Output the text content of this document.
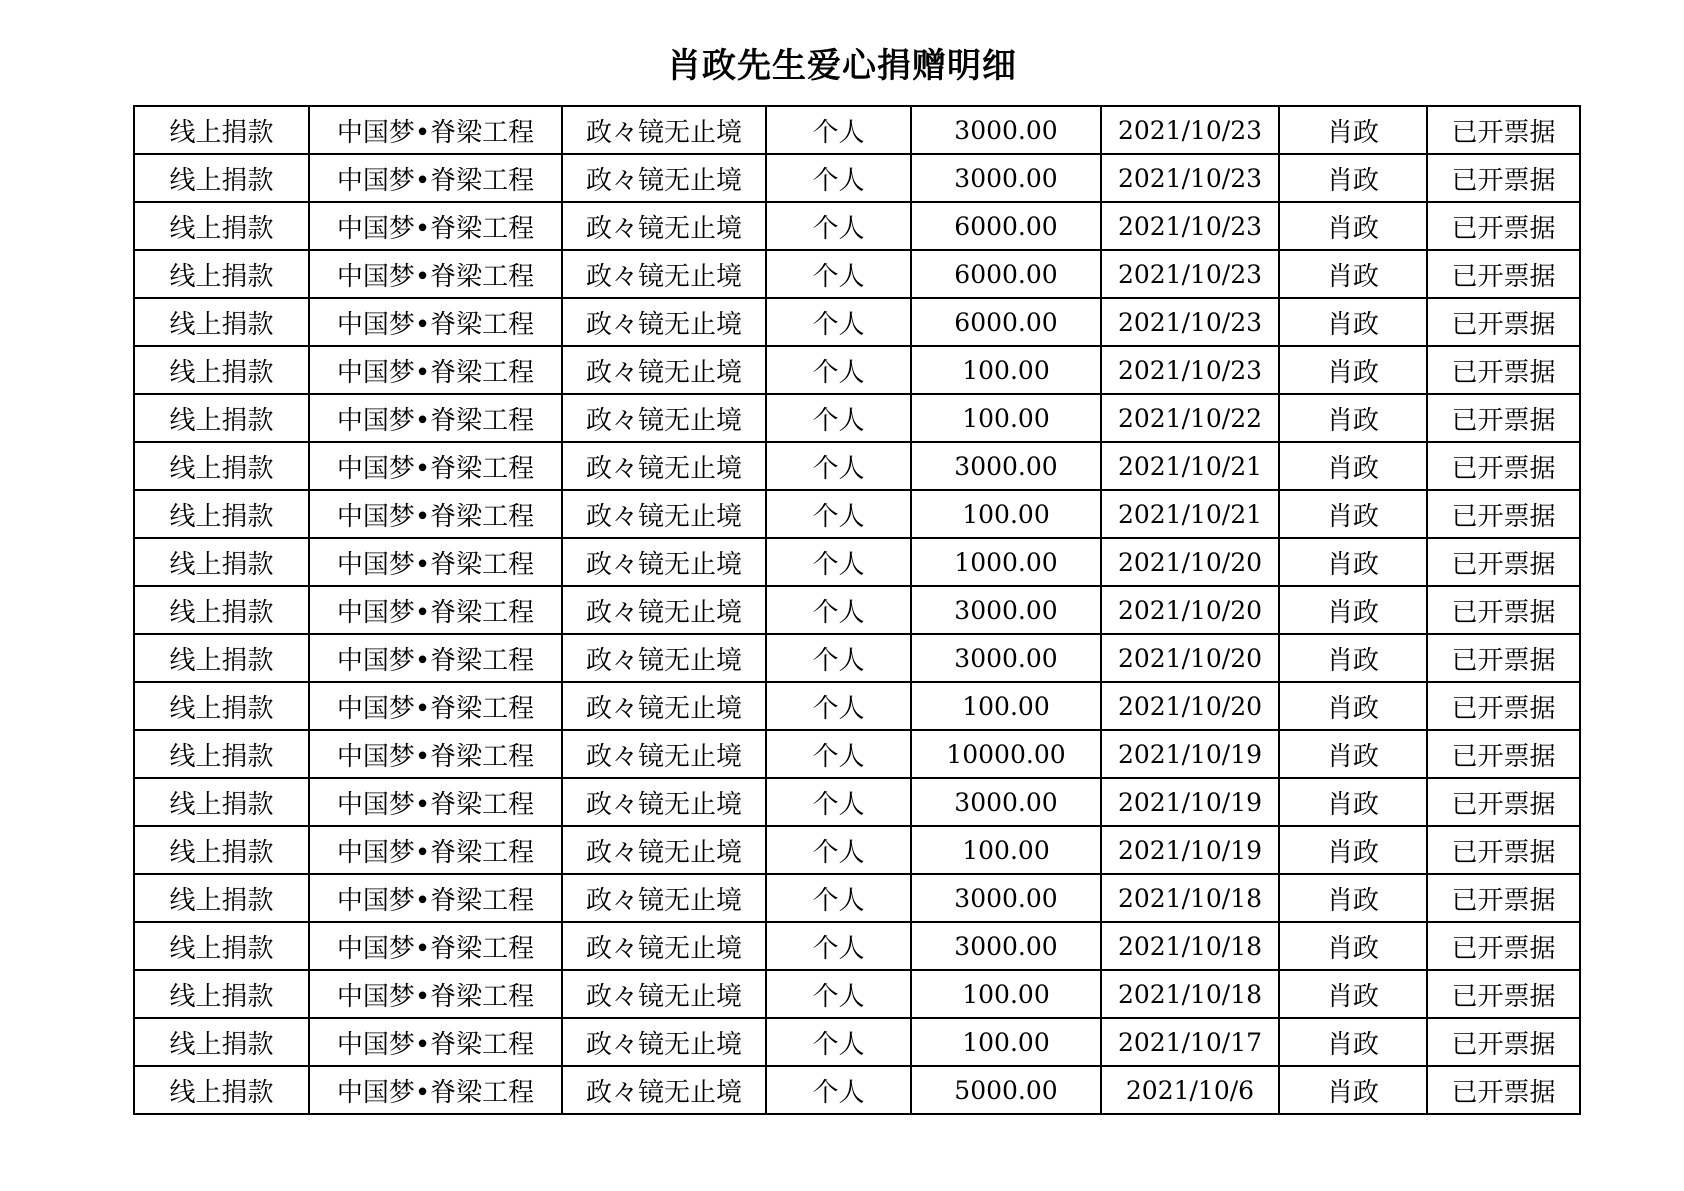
肖政先生爱心捐赠明细
线上捐款	中国梦•脊梁工程	政々镜无止境	个人	3000.00	2021/10/23	肖政	已开票据
线上捐款	中国梦•脊梁工程	政々镜无止境	个人	3000.00	2021/10/23	肖政	已开票据
线上捐款	中国梦•脊梁工程	政々镜无止境	个人	6000.00	2021/10/23	肖政	已开票据
线上捐款	中国梦•脊梁工程	政々镜无止境	个人	6000.00	2021/10/23	肖政	已开票据
线上捐款	中国梦•脊梁工程	政々镜无止境	个人	6000.00	2021/10/23	肖政	已开票据
线上捐款	中国梦•脊梁工程	政々镜无止境	个人	100.00	2021/10/23	肖政	已开票据
线上捐款	中国梦•脊梁工程	政々镜无止境	个人	100.00	2021/10/22	肖政	已开票据
线上捐款	中国梦•脊梁工程	政々镜无止境	个人	3000.00	2021/10/21	肖政	已开票据
线上捐款	中国梦•脊梁工程	政々镜无止境	个人	100.00	2021/10/21	肖政	已开票据
线上捐款	中国梦•脊梁工程	政々镜无止境	个人	1000.00	2021/10/20	肖政	已开票据
线上捐款	中国梦•脊梁工程	政々镜无止境	个人	3000.00	2021/10/20	肖政	已开票据
线上捐款	中国梦•脊梁工程	政々镜无止境	个人	3000.00	2021/10/20	肖政	已开票据
线上捐款	中国梦•脊梁工程	政々镜无止境	个人	100.00	2021/10/20	肖政	已开票据
线上捐款	中国梦•脊梁工程	政々镜无止境	个人	10000.00	2021/10/19	肖政	已开票据
线上捐款	中国梦•脊梁工程	政々镜无止境	个人	3000.00	2021/10/19	肖政	已开票据
线上捐款	中国梦•脊梁工程	政々镜无止境	个人	100.00	2021/10/19	肖政	已开票据
线上捐款	中国梦•脊梁工程	政々镜无止境	个人	3000.00	2021/10/18	肖政	已开票据
线上捐款	中国梦•脊梁工程	政々镜无止境	个人	3000.00	2021/10/18	肖政	已开票据
线上捐款	中国梦•脊梁工程	政々镜无止境	个人	100.00	2021/10/18	肖政	已开票据
线上捐款	中国梦•脊梁工程	政々镜无止境	个人	100.00	2021/10/17	肖政	已开票据
线上捐款	中国梦•脊梁工程	政々镜无止境	个人	5000.00	2021/10/6	肖政	已开票据
